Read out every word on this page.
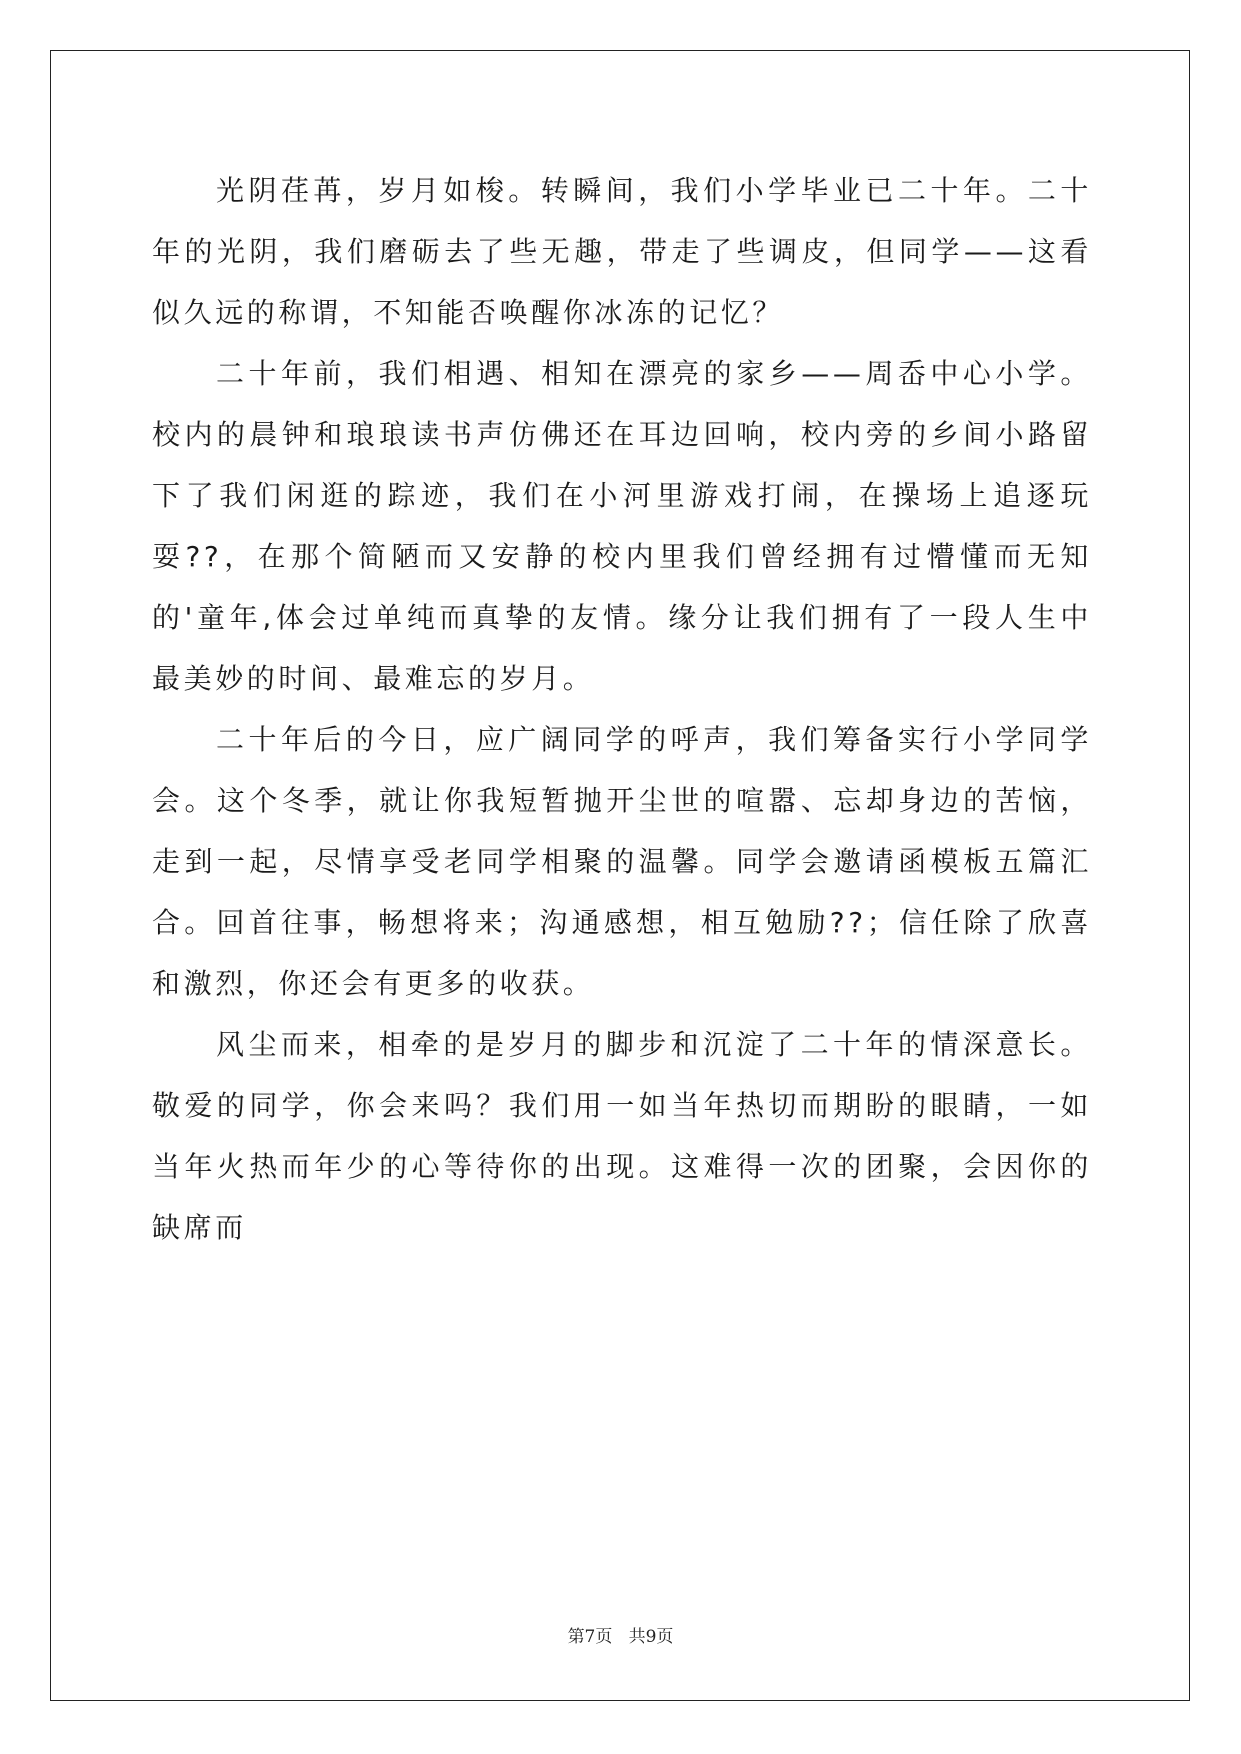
光阴荏苒，岁月如梭。转瞬间，我们小学毕业已二十年。二十年的光阴，我们磨砺去了些无趣，带走了些调皮，但同学——这看似久远的称谓，不知能否唤醒你冰冻的记忆？

二十年前，我们相遇、相知在漂亮的家乡——周岙中心小学。校内的晨钟和琅琅读书声仿佛还在耳边回响，校内旁的乡间小路留下了我们闲逛的踪迹，我们在小河里游戏打闹，在操场上追逐玩耍??，在那个简陋而又安静的校内里我们曾经拥有过懵懂而无知的'童年,体会过单纯而真挚的友情。缘分让我们拥有了一段人生中最美妙的时间、最难忘的岁月。

二十年后的今日，应广阔同学的呼声，我们筹备实行小学同学会。这个冬季，就让你我短暂抛开尘世的喧嚣、忘却身边的苦恼，走到一起，尽情享受老同学相聚的温馨。同学会邀请函模板五篇汇合。回首往事，畅想将来；沟通感想，相互勉励??；信任除了欣喜和激烈，你还会有更多的收获。

风尘而来，相牵的是岁月的脚步和沉淀了二十年的情深意长。敬爱的同学，你会来吗？我们用一如当年热切而期盼的眼睛，一如当年火热而年少的心等待你的出现。这难得一次的团聚，会因你的缺席而

第7页 共9页
